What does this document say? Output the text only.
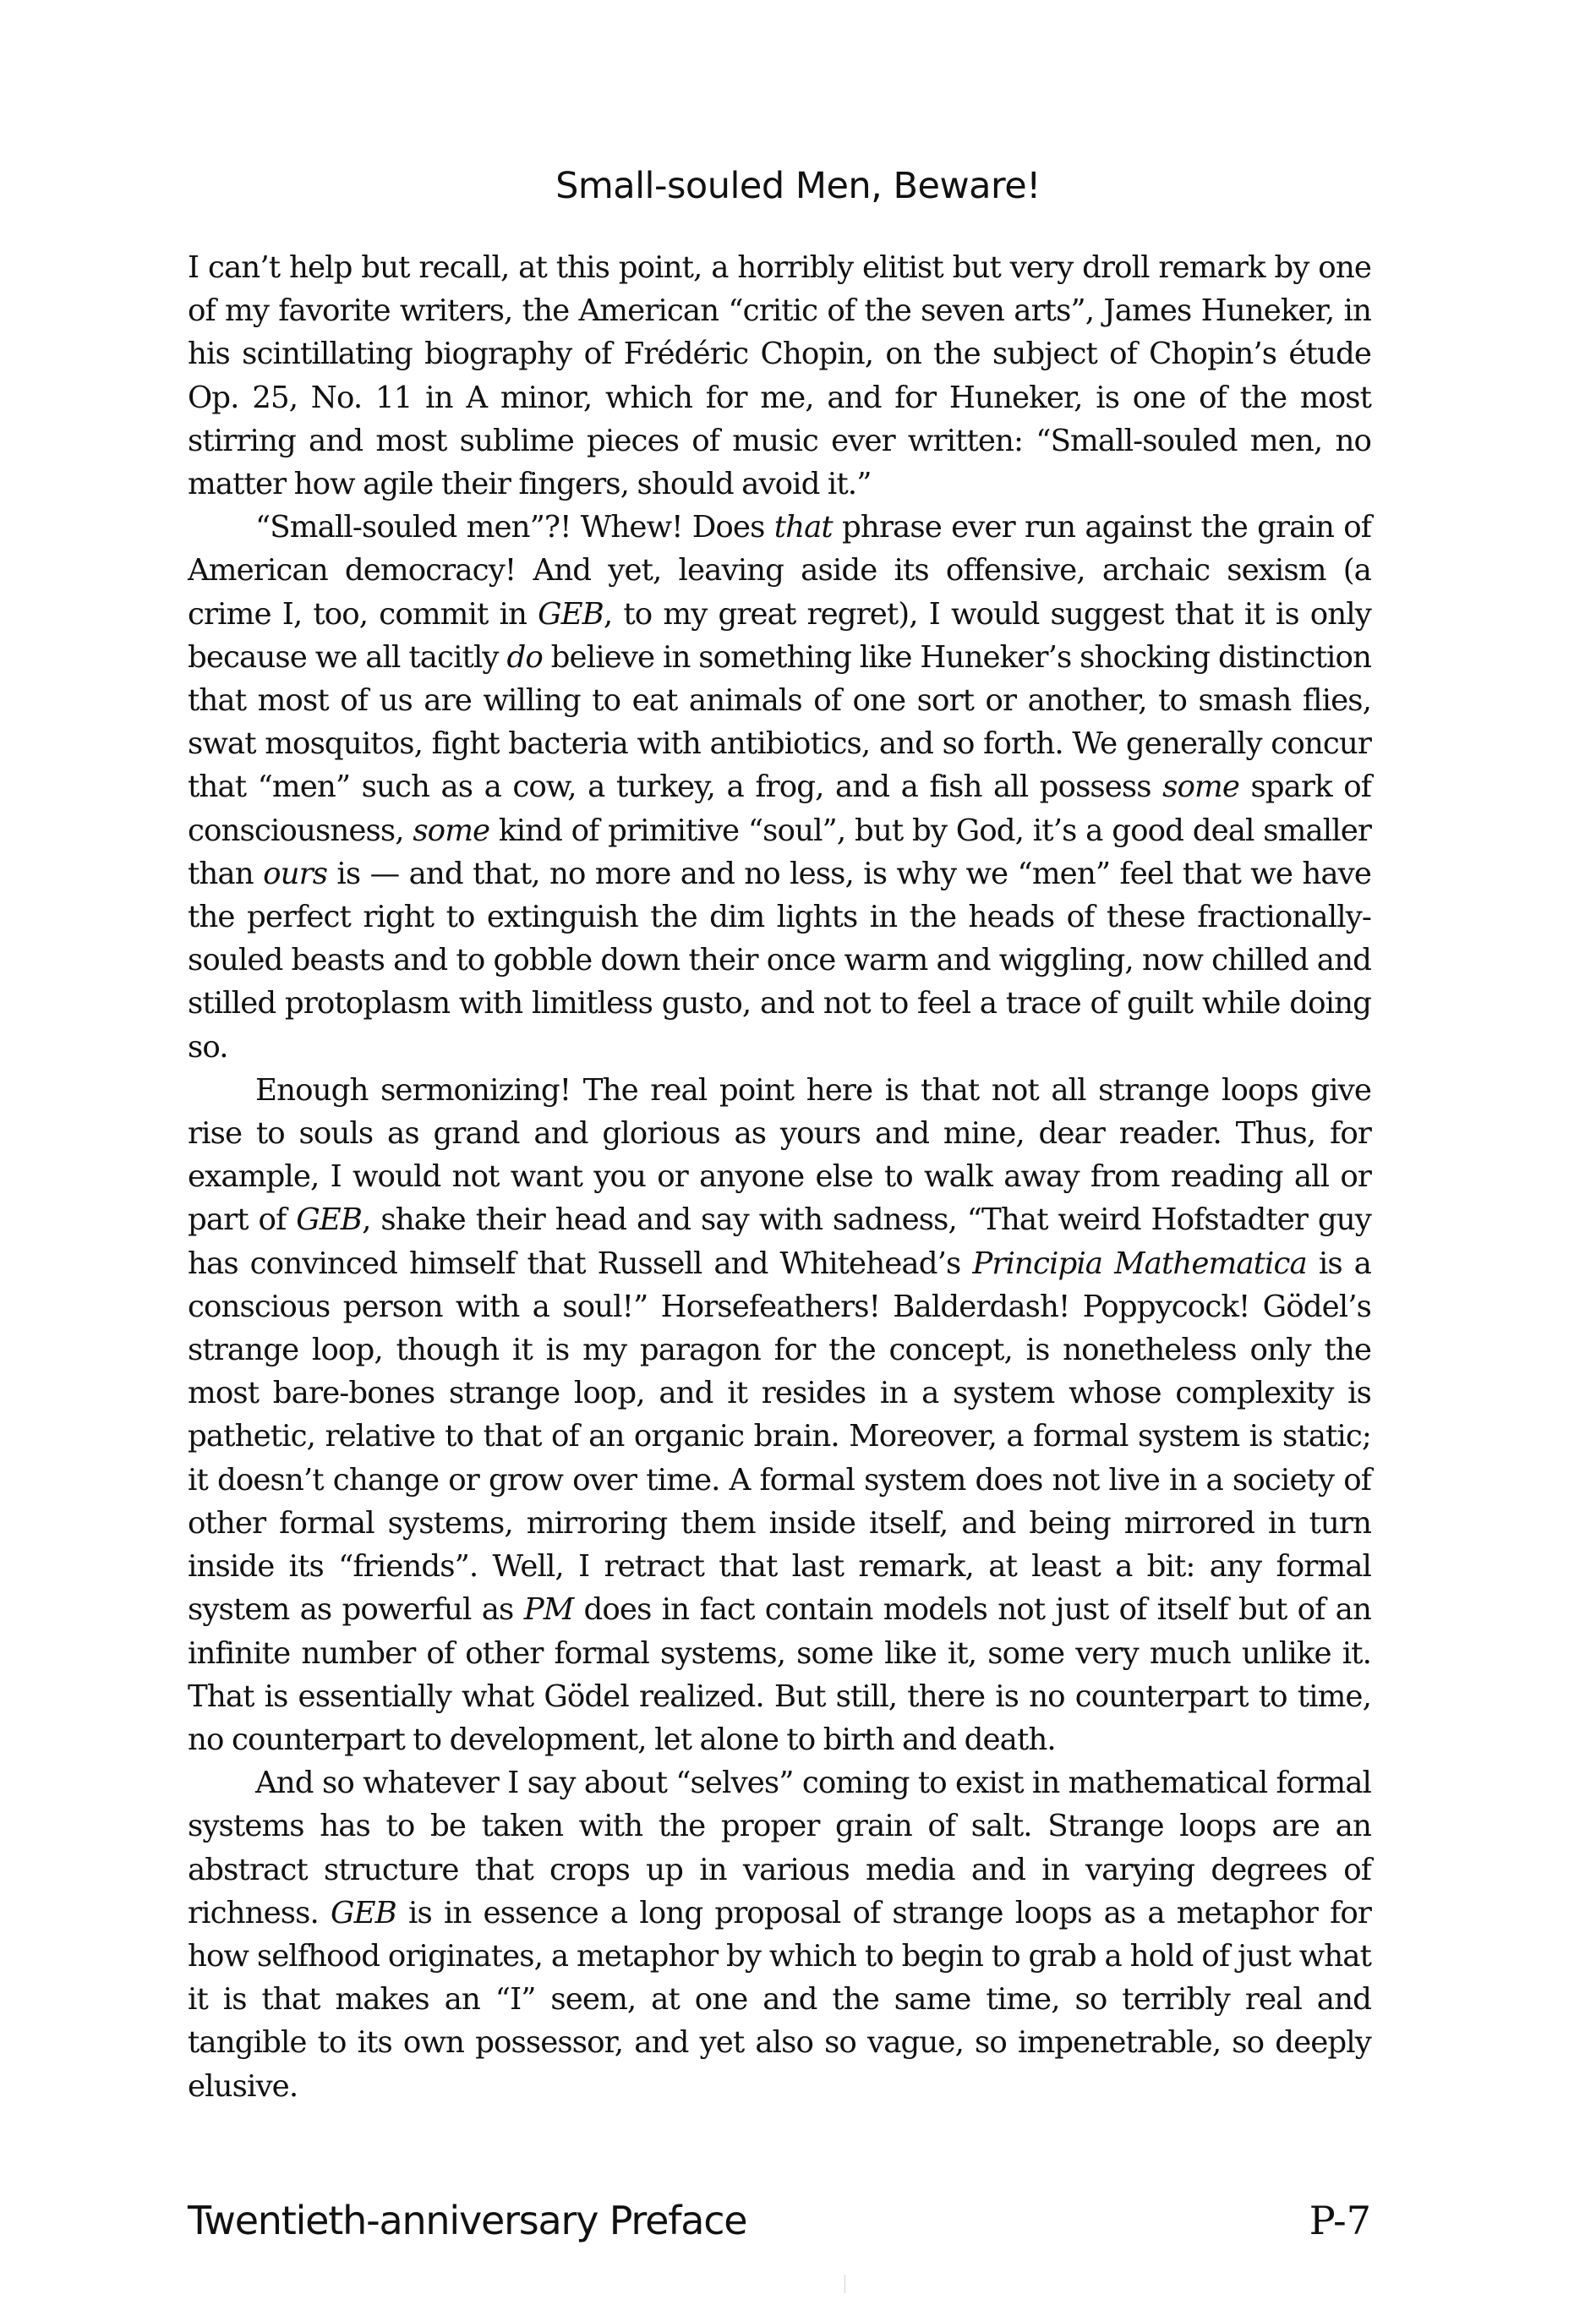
Small-souled Men, Beware!

I can’t help but recall, at this point, a horribly elitist but very droll remark by one of my favorite writers, the American “critic of the seven arts”, James Huneker, in his scintillating biography of Frédéric Chopin, on the subject of Chopin’s étude Op. 25, No. 11 in A minor, which for me, and for Huneker, is one of the most stirring and most sublime pieces of music ever written: “Small-souled men, no matter how agile their fingers, should avoid it.”

“Small-souled men”?! Whew! Does that phrase ever run against the grain of American democracy! And yet, leaving aside its offensive, archaic sexism (a crime I, too, commit in GEB, to my great regret), I would suggest that it is only because we all tacitly do believe in something like Huneker’s shocking distinction that most of us are willing to eat animals of one sort or another, to smash flies, swat mosquitos, fight bacteria with antibiotics, and so forth. We generally concur that “men” such as a cow, a turkey, a frog, and a fish all possess some spark of consciousness, some kind of primitive “soul”, but by God, it’s a good deal smaller than ours is — and that, no more and no less, is why we “men” feel that we have the perfect right to extinguish the dim lights in the heads of these fractionally-souled beasts and to gobble down their once warm and wiggling, now chilled and stilled protoplasm with limitless gusto, and not to feel a trace of guilt while doing so.

Enough sermonizing! The real point here is that not all strange loops give rise to souls as grand and glorious as yours and mine, dear reader. Thus, for example, I would not want you or anyone else to walk away from reading all or part of GEB, shake their head and say with sadness, “That weird Hofstadter guy has convinced himself that Russell and Whitehead’s Principia Mathematica is a conscious person with a soul!” Horsefeathers! Balderdash! Poppycock! Gödel’s strange loop, though it is my paragon for the concept, is nonetheless only the most bare-bones strange loop, and it resides in a system whose complexity is pathetic, relative to that of an organic brain. Moreover, a formal system is static; it doesn’t change or grow over time. A formal system does not live in a society of other formal systems, mirroring them inside itself, and being mirrored in turn inside its “friends”. Well, I retract that last remark, at least a bit: any formal system as powerful as PM does in fact contain models not just of itself but of an infinite number of other formal systems, some like it, some very much unlike it. That is essentially what Gödel realized. But still, there is no counterpart to time, no counterpart to development, let alone to birth and death.

And so whatever I say about “selves” coming to exist in mathematical formal systems has to be taken with the proper grain of salt. Strange loops are an abstract structure that crops up in various media and in varying degrees of richness. GEB is in essence a long proposal of strange loops as a metaphor for how selfhood originates, a metaphor by which to begin to grab a hold of just what it is that makes an “I” seem, at one and the same time, so terribly real and tangible to its own possessor, and yet also so vague, so impenetrable, so deeply elusive.

Twentieth-anniversary Preface	P-7
